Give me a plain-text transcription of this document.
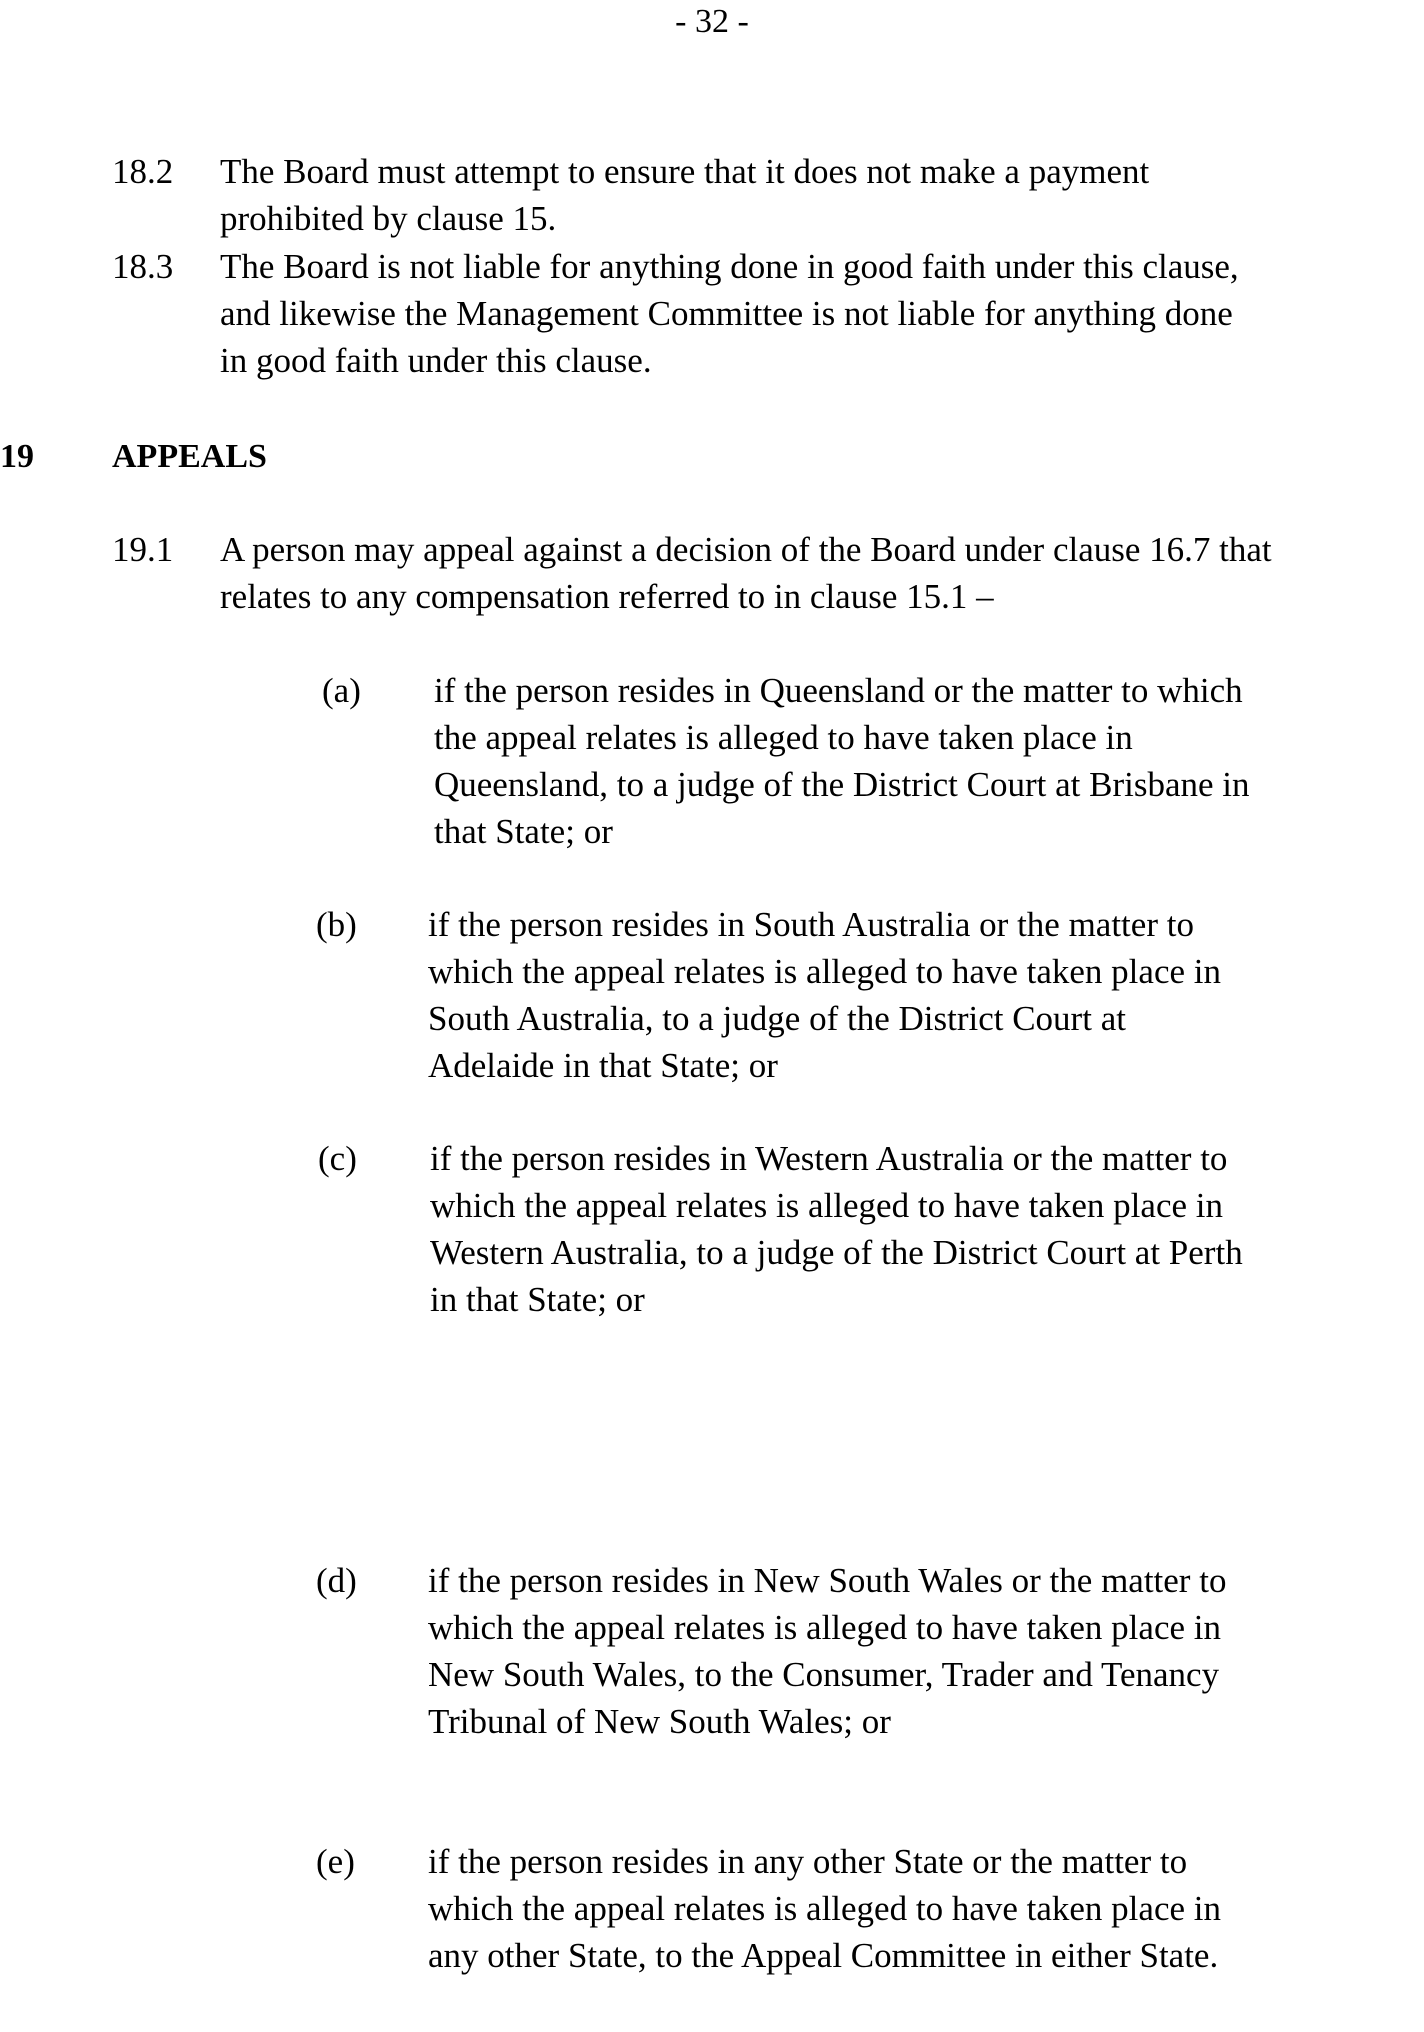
- 32 -
18.2 The Board must attempt to ensure that it does not make a payment prohibited by clause 15.
18.3 The Board is not liable for anything done in good faith under this clause, and likewise the Management Committee is not liable for anything done in good faith under this clause.
19 APPEALS
19.1 A person may appeal against a decision of the Board under clause 16.7 that relates to any compensation referred to in clause 15.1 –
(a) if the person resides in Queensland or the matter to which the appeal relates is alleged to have taken place in Queensland, to a judge of the District Court at Brisbane in that State; or
(b) if the person resides in South Australia or the matter to which the appeal relates is alleged to have taken place in South Australia, to a judge of the District Court at Adelaide in that State; or
(c) if the person resides in Western Australia or the matter to which the appeal relates is alleged to have taken place in Western Australia, to a judge of the District Court at Perth in that State; or
(d) if the person resides in New South Wales or the matter to which the appeal relates is alleged to have taken place in New South Wales, to the Consumer, Trader and Tenancy Tribunal of New South Wales; or
(e) if the person resides in any other State or the matter to which the appeal relates is alleged to have taken place in any other State, to the Appeal Committee in either State.
